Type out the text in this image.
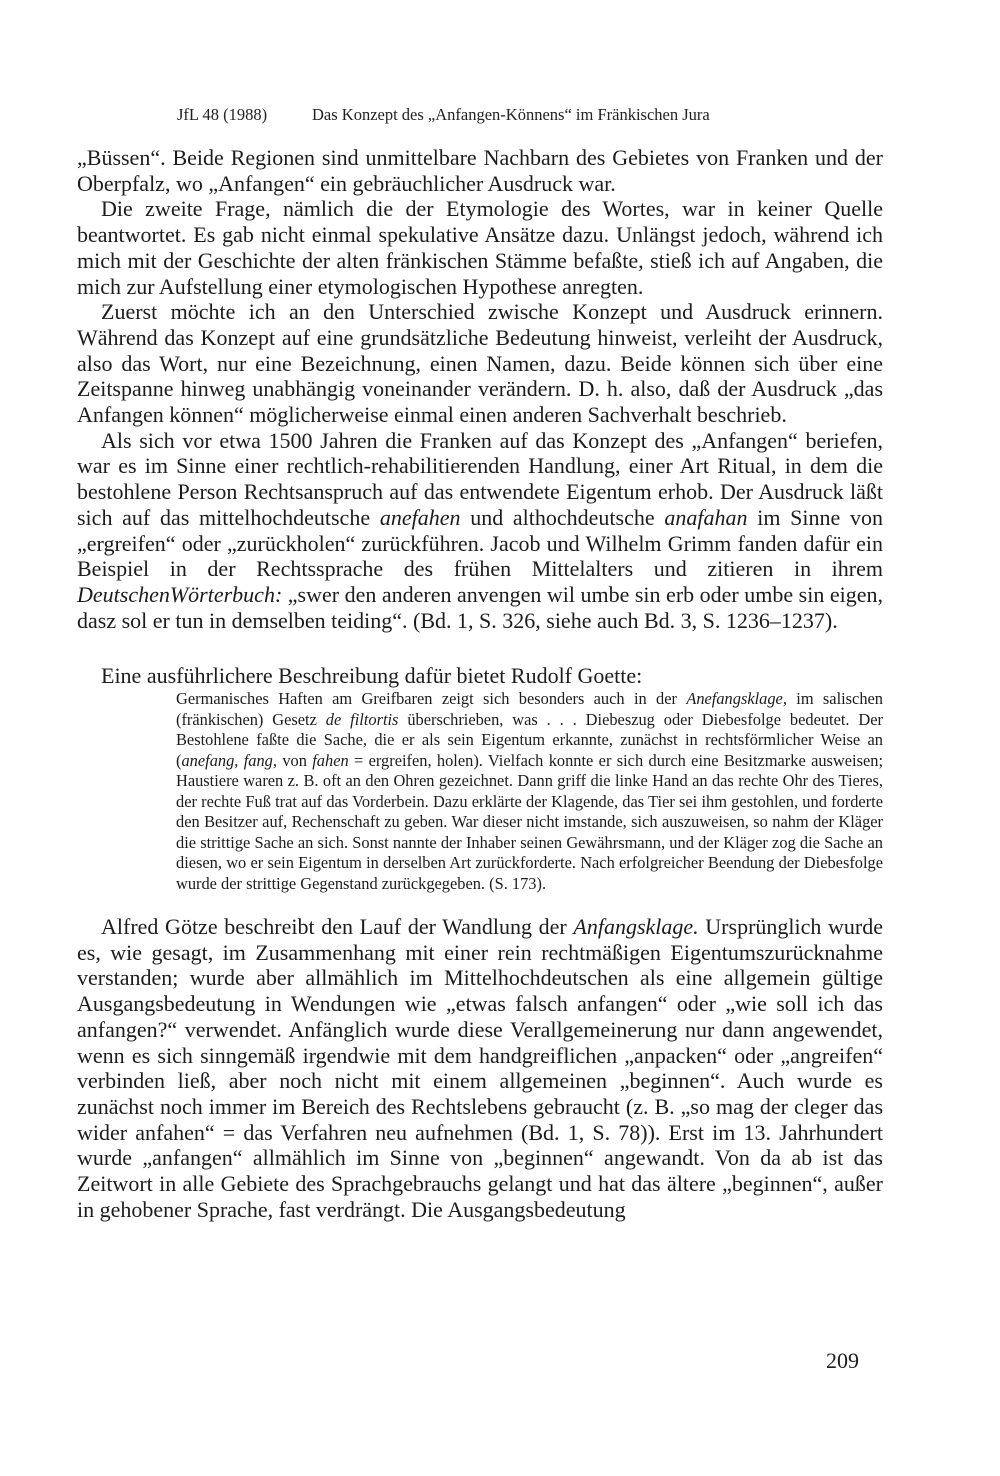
JfL 48 (1988)	Das Konzept des „Anfangen-Könnens“ im Fränkischen Jura

„Büssen“. Beide Regionen sind unmittelbare Nachbarn des Gebietes von Franken und der Oberpfalz, wo „Anfangen“ ein gebräuchlicher Ausdruck war.

Die zweite Frage, nämlich die der Etymologie des Wortes, war in keiner Quelle beantwortet. Es gab nicht einmal spekulative Ansätze dazu. Unlängst jedoch, während ich mich mit der Geschichte der alten fränkischen Stämme befaßte, stieß ich auf Angaben, die mich zur Aufstellung einer etymologischen Hypothese anregten.

Zuerst möchte ich an den Unterschied zwische Konzept und Ausdruck erinnern. Während das Konzept auf eine grundsätzliche Bedeutung hinweist, verleiht der Ausdruck, also das Wort, nur eine Bezeichnung, einen Namen, dazu. Beide können sich über eine Zeitspanne hinweg unabhängig voneinander verändern. D. h. also, daß der Ausdruck „das Anfangen können“ möglicherweise einmal einen anderen Sachverhalt beschrieb.

Als sich vor etwa 1500 Jahren die Franken auf das Konzept des „Anfangen“ beriefen, war es im Sinne einer rechtlich-rehabilitierenden Handlung, einer Art Ritual, in dem die bestohlene Person Rechtsanspruch auf das entwendete Eigentum erhob. Der Ausdruck läßt sich auf das mittelhochdeutsche anefahen und althochdeutsche anafahan im Sinne von „ergreifen“ oder „zurückholen“ zurückführen. Jacob und Wilhelm Grimm fanden dafür ein Beispiel in der Rechtssprache des frühen Mittelalters und zitieren in ihrem DeutschenWörterbuch: „swer den anderen anvengen wil umbe sin erb oder umbe sin eigen, dasz sol er tun in demselben teiding“. (Bd. 1, S. 326, siehe auch Bd. 3, S. 1236–1237).

Eine ausführlichere Beschreibung dafür bietet Rudolf Goette:

Germanisches Haften am Greifbaren zeigt sich besonders auch in der Anefangsklage, im salischen (fränkischen) Gesetz de filtortis überschrieben, was . . . Diebeszug oder Diebesfolge bedeutet. Der Bestohlene faßte die Sache, die er als sein Eigentum erkannte, zunächst in rechtsförmlicher Weise an (anefang, fang, von fahen = ergreifen, holen). Vielfach konnte er sich durch eine Besitzmarke ausweisen; Haustiere waren z. B. oft an den Ohren gezeichnet. Dann griff die linke Hand an das rechte Ohr des Tieres, der rechte Fuß trat auf das Vorderbein. Dazu erklärte der Klagende, das Tier sei ihm gestohlen, und forderte den Besitzer auf, Rechenschaft zu geben. War dieser nicht imstande, sich auszuweisen, so nahm der Kläger die strittige Sache an sich. Sonst nannte der Inhaber seinen Gewährsmann, und der Kläger zog die Sache an diesen, wo er sein Eigentum in derselben Art zurückforderte. Nach erfolgreicher Beendung der Diebesfolge wurde der strittige Gegenstand zurückgegeben. (S. 173).

Alfred Götze beschreibt den Lauf der Wandlung der Anfangsklage. Ursprünglich wurde es, wie gesagt, im Zusammenhang mit einer rein rechtmäßigen Eigentumszurücknahme verstanden; wurde aber allmählich im Mittelhochdeutschen als eine allgemein gültige Ausgangsbedeutung in Wendungen wie „etwas falsch anfangen“ oder „wie soll ich das anfangen?“ verwendet. Anfänglich wurde diese Verallgemeinerung nur dann angewendet, wenn es sich sinngemäß irgendwie mit dem handgreiflichen „anpacken“ oder „angreifen“ verbinden ließ, aber noch nicht mit einem allgemeinen „beginnen“. Auch wurde es zunächst noch immer im Bereich des Rechtslebens gebraucht (z. B. „so mag der cleger das wider anfahen“ = das Verfahren neu aufnehmen (Bd. 1, S. 78)). Erst im 13. Jahrhundert wurde „anfangen“ allmählich im Sinne von „beginnen“ angewandt. Von da ab ist das Zeitwort in alle Gebiete des Sprachgebrauchs gelangt und hat das ältere „beginnen“, außer in gehobener Sprache, fast verdrängt. Die Ausgangsbedeutung

209
